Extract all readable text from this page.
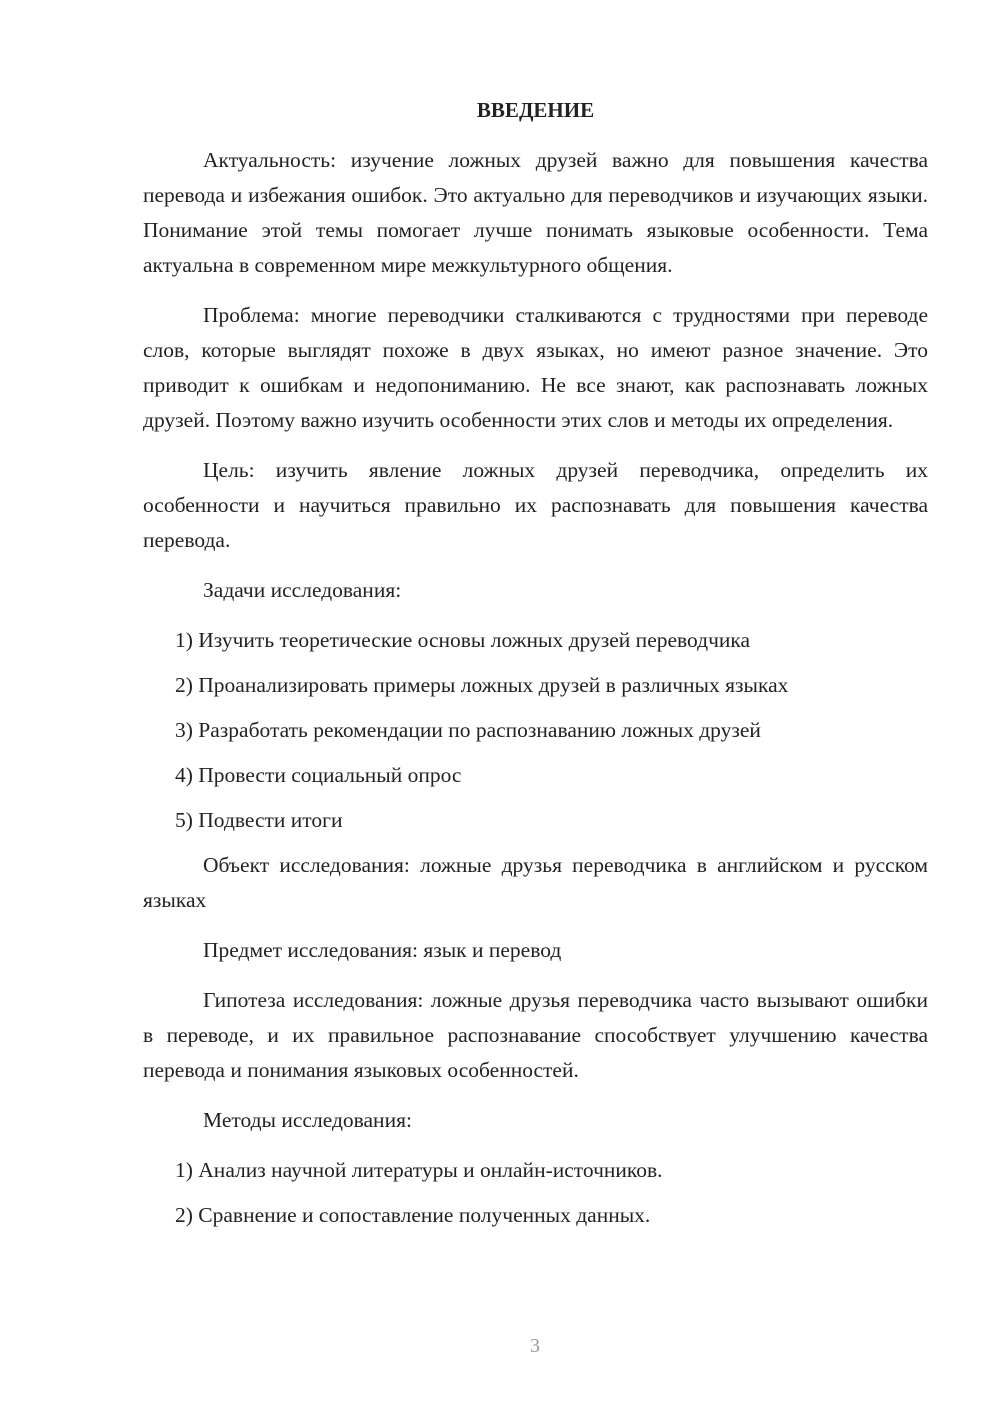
ВВЕДЕНИЕ

Актуальность: изучение ложных друзей важно для повышения качества перевода и избежания ошибок. Это актуально для переводчиков и изучающих языки. Понимание этой темы помогает лучше понимать языковые особенности. Тема актуальна в современном мире межкультурного общения.

Проблема: многие переводчики сталкиваются с трудностями при переводе слов, которые выглядят похоже в двух языках, но имеют разное значение. Это приводит к ошибкам и недопониманию. Не все знают, как распознавать ложных друзей. Поэтому важно изучить особенности этих слов и методы их определения.

Цель: изучить явление ложных друзей переводчика, определить их особенности и научиться правильно их распознавать для повышения качества перевода.

Задачи исследования:

1) Изучить теоретические основы ложных друзей переводчика
2) Проанализировать примеры ложных друзей в различных языках
3) Разработать рекомендации по распознаванию ложных друзей
4) Провести социальный опрос
5) Подвести итоги

Объект исследования: ложные друзья переводчика в английском и русском языках

Предмет исследования: язык и перевод

Гипотеза исследования: ложные друзья переводчика часто вызывают ошибки в переводе, и их правильное распознавание способствует улучшению качества перевода и понимания языковых особенностей.

Методы исследования:

1) Анализ научной литературы и онлайн-источников.
2) Сравнение и сопоставление полученных данных.
3
